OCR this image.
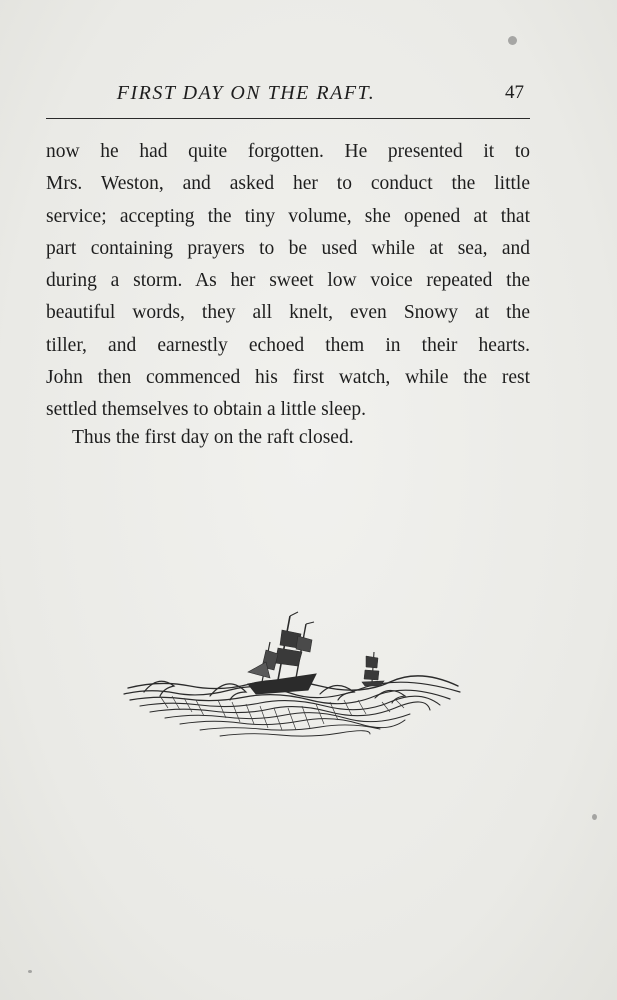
FIRST DAY ON THE RAFT.	47
now he had quite forgotten. He presented it to
Mrs. Weston, and asked her to conduct the little
service; accepting the tiny volume, she opened at that
part containing prayers to be used while at sea, and
during a storm. As her sweet low voice repeated the
beautiful words, they all knelt, even Snowy at the
tiller, and earnestly echoed them in their hearts.
John then commenced his first watch, while the rest
settled themselves to obtain a little sleep.
Thus the first day on the raft closed.
